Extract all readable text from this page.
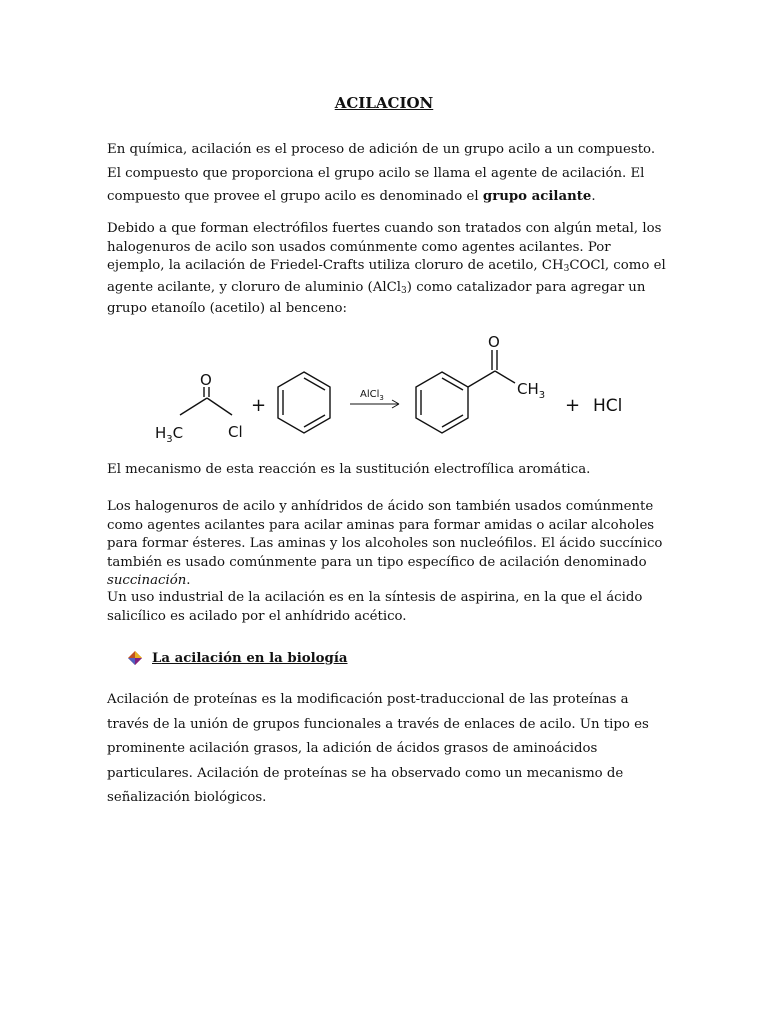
ACILACION

En química, acilación es el proceso de adición de un grupo acilo a un compuesto. El compuesto que proporciona el grupo acilo se llama el agente de acilación. El compuesto que provee el grupo acilo es denominado el grupo acilante.

Debido a que forman electrófilos fuertes cuando son tratados con algún metal, los halogenuros de acilo son usados comúnmente como agentes acilantes. Por ejemplo, la acilación de Friedel-Crafts utiliza cloruro de acetilo, $CH_3COCl$, como el agente acilante, y cloruro de aluminio (AlCl$_3$) como catalizador para agregar un grupo etanoílo (acetilo) al benceno:

O
$H_3C$	Cl
+
AlCl$_3$
O
$CH_3$ + HCl

El mecanismo de esta reacción es la sustitución electrofílica aromática.

Los halogenuros de acilo y anhídridos de ácido son también usados comúnmente como agentes acilantes para acilar aminas para formar amidas o acilar alcoholes para formar ésteres. Las aminas y los alcoholes son nucleófilos. El ácido succínico también es usado comúnmente para un tipo específico de acilación denominado succinación.

Un uso industrial de la acilación es en la síntesis de aspirina, en la que el ácido salicílico es acilado por el anhídrido acético.

La acilación en la biología

Acilación de proteínas es la modificación post-traduccional de las proteínas a través de la unión de grupos funcionales a través de enlaces de acilo. Un tipo es prominente acilación grasos, la adición de ácidos grasos de aminoácidos particulares. Acilación de proteínas se ha observado como un mecanismo de señalización biológicos.
